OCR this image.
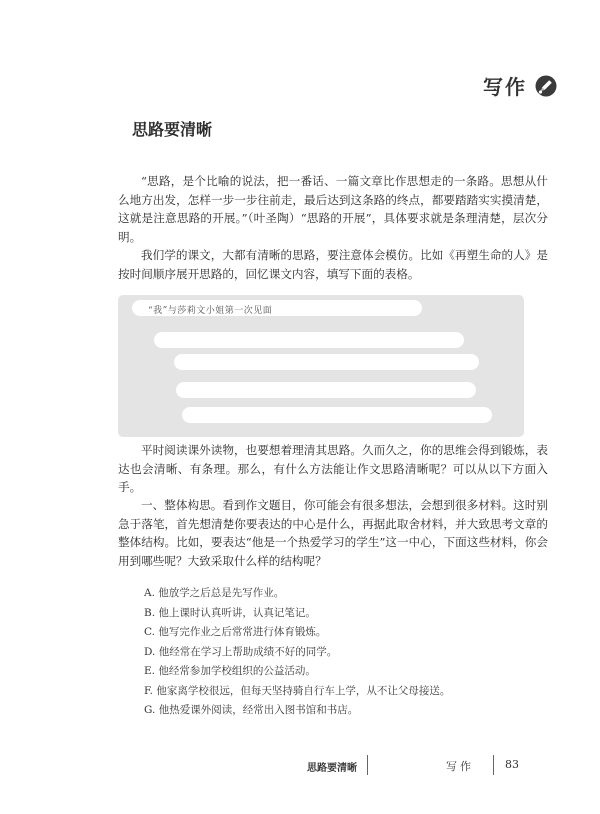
写作
思路要清晰

“思路，是个比喻的说法，把一番话、一篇文章比作思想走的一条路。思想从什么地方出发，怎样一步一步往前走，最后达到这条路的终点，都要踏踏实实摸清楚，这就是注意思路的开展。”（叶圣陶）“思路的开展”，具体要求就是条理清楚，层次分明。

我们学的课文，大都有清晰的思路，要注意体会模仿。比如《再塑生命的人》是按时间顺序展开思路的，回忆课文内容，填写下面的表格。

“我”与莎莉文小姐第一次见面

平时阅读课外读物，也要想着理清其思路。久而久之，你的思维会得到锻炼，表达也会清晰、有条理。那么，有什么方法能让作文思路清晰呢？可以从以下方面入手。

一、整体构思。看到作文题目，你可能会有很多想法，会想到很多材料。这时别急于落笔，首先想清楚你要表达的中心是什么，再据此取舍材料，并大致思考文章的整体结构。比如，要表达“他是一个热爱学习的学生”这一中心，下面这些材料，你会用到哪些呢？大致采取什么样的结构呢？

A. 他放学之后总是先写作业。
B. 他上课时认真听讲，认真记笔记。
C. 他写完作业之后常常进行体育锻炼。
D. 他经常在学习上帮助成绩不好的同学。
E. 他经常参加学校组织的公益活动。
F. 他家离学校很远，但每天坚持骑自行车上学，从不让父母接送。
G. 他热爱课外阅读，经常出入图书馆和书店。
思路要清晰	写作	83
